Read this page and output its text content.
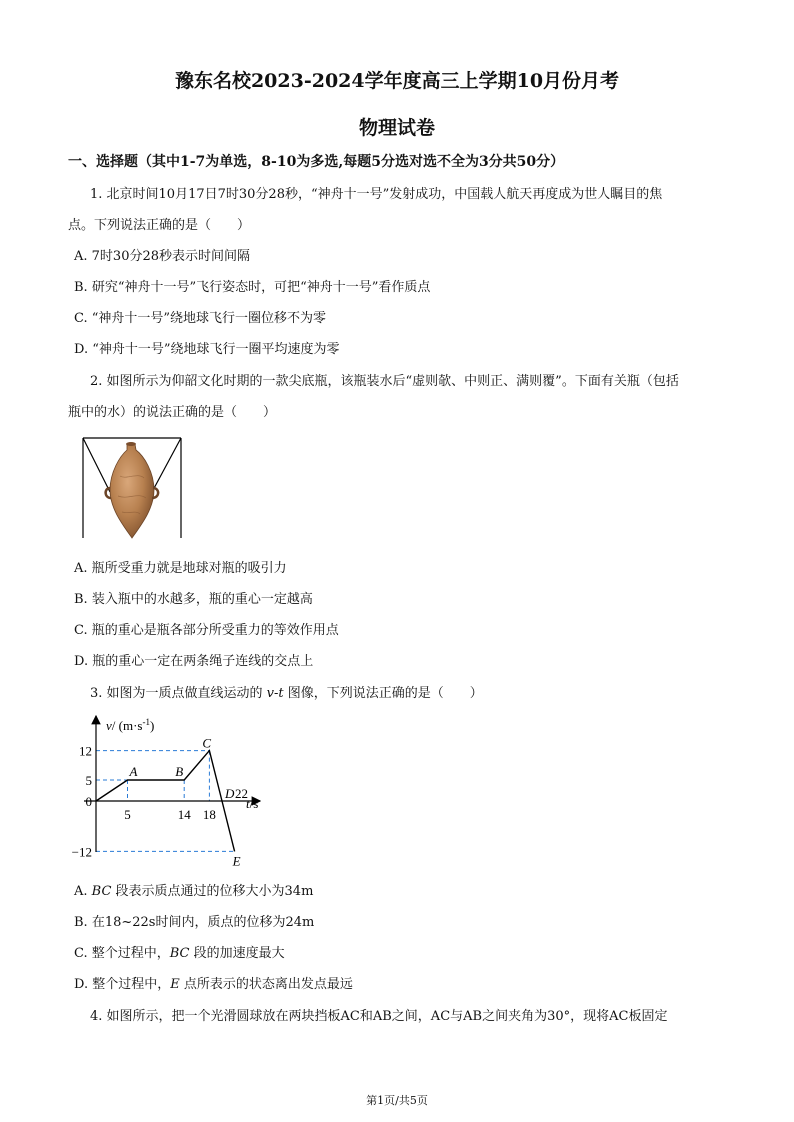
豫东名校2023-2024学年度高三上学期10月份月考
物理试卷
一、选择题（其中1-7为单选，8-10为多选,每题5分选对选不全为3分共50分）
1. 北京时间10月17日7时30分28秒，“神舟十一号”发射成功，中国载人航天再度成为世人瞩目的焦
点。下列说法正确的是（　　）
A. 7时30分28秒表示时间间隔
B. 研究“神舟十一号”飞行姿态时，可把“神舟十一号”看作质点
C. “神舟十一号”绕地球飞行一圈位移不为零
D. “神舟十一号”绕地球飞行一圈平均速度为零
2. 如图所示为仰韶文化时期的一款尖底瓶，该瓶装水后“虚则欹、中则正、满则覆”。下面有关瓶（包括
瓶中的水）的说法正确的是（　　）
A. 瓶所受重力就是地球对瓶的吸引力
B. 装入瓶中的水越多，瓶的重心一定越高
C. 瓶的重心是瓶各部分所受重力的等效作用点
D. 瓶的重心一定在两条绳子连线的交点上
3. 如图为一质点做直线运动的 v-t 图像，下列说法正确的是（　　）
12
5
0
−12
5	14 18
A	B
C
D 22
E
v/ $(m\cdot s^{-1})$
t/s
A. BC 段表示质点通过的位移大小为34m
B. 在18~22s时间内，质点的位移为24m
C. 整个过程中，BC 段的加速度最大
D. 整个过程中，E 点所表示的状态离出发点最远
4. 如图所示，把一个光滑圆球放在两块挡板AC和AB之间，AC与AB之间夹角为30°，现将AC板固定
第1页/共5页
